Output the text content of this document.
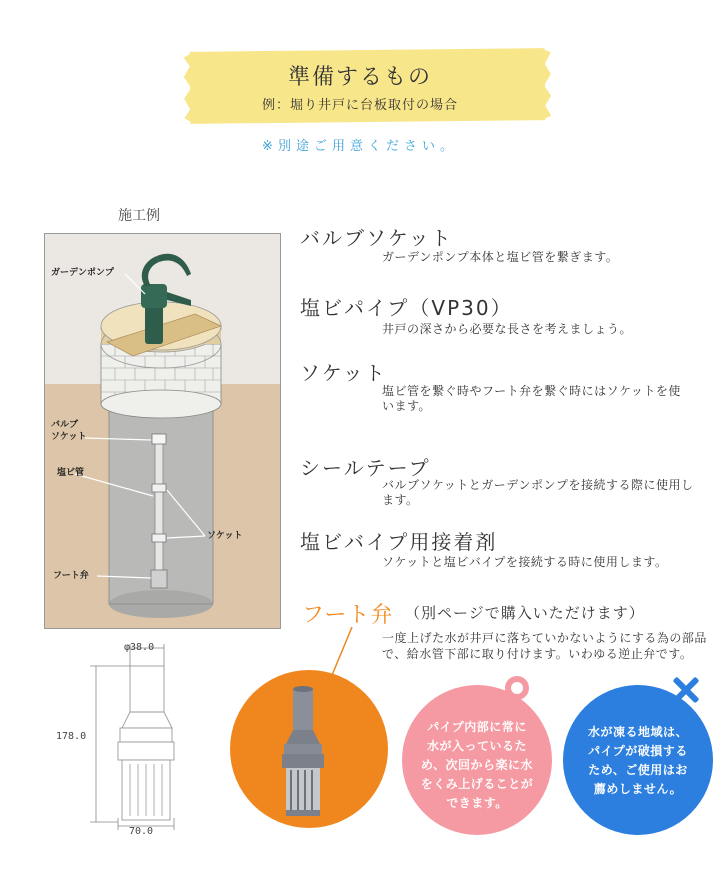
準備するもの
例：堀り井戸に台板取付の場合
※別途ご用意ください。
施工例
ガーデンポンプ
バルブ
ソケット
塩ビ管
ソケット
フート弁
バルブソケット
ガーデンポンプ本体と塩ビ管を繋ぎます。
塩ビパイプ（VP30）
井戸の深さから必要な長さを考えましょう。
ソケット
塩ビ管を繋ぐ時やフート弁を繋ぐ時にはソケットを使います。
シールテープ
バルブソケットとガーデンポンプを接続する際に使用します。
塩ビバイプ用接着剤
ソケットと塩ビバイプを接続する時に使用します。
フート弁 （別ページで購入いただけます）
一度上げた水が井戸に落ちていかないようにする為の部品で、給水管下部に取り付けます。いわゆる逆止弁です。
φ38.0
178.0
70.0
パイプ内部に常に
水が入っているた
め、次回から楽に水
をくみ上げることが
できます。
水が凍る地域は、
パイプが破損する
ため、ご使用はお
薦めしません。
